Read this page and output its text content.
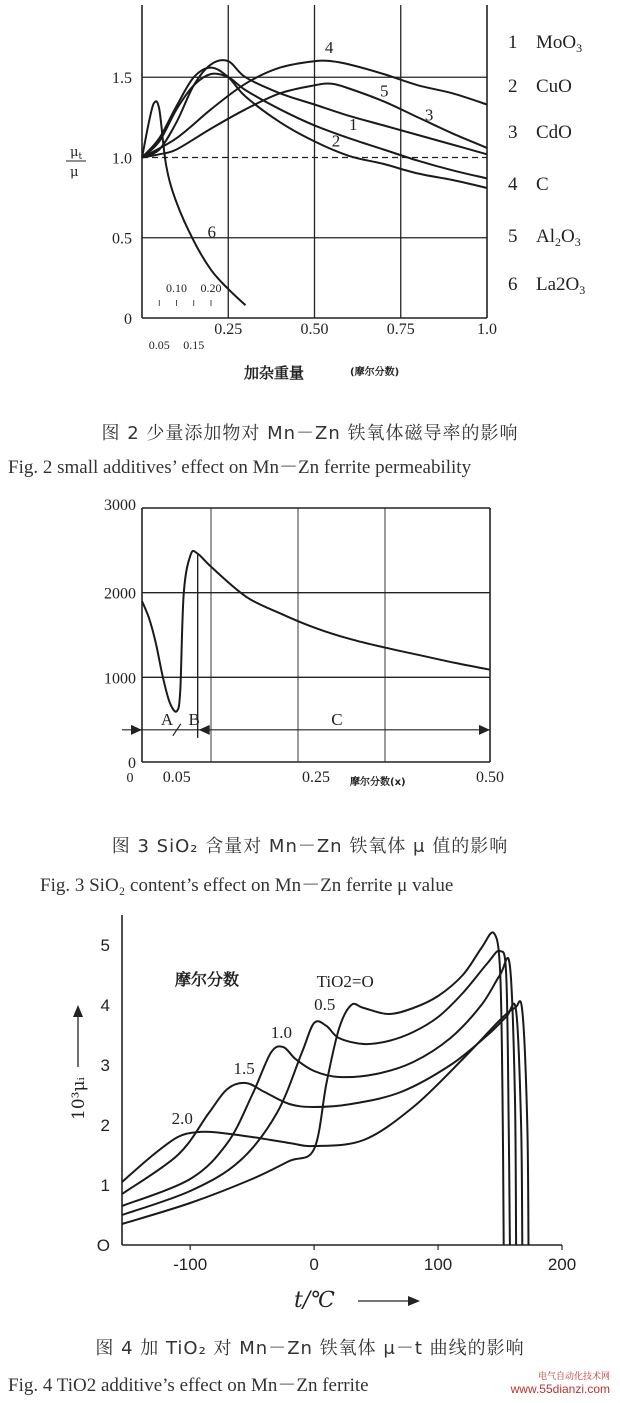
1
2
3
4
5
6
0
0.5
1.0
1.5
0.25	0.50	0.75	1.0
0.10 0.20
0.05 0.15
$\mu_t$
μ
加杂重量	(摩尔分数)
1 MoO$_3$
2 CuO
3 CdO
4 C
5 $Al_2O_3$
6 $La2O_3$
图 2 少量添加物对 Mn－Zn 铁氧体磁导率的影响
Fig. 2 small additives’ effect on Mn－Zn ferrite permeability
A B	C
0
1000
2000
3000
0 0.05	0.25	0.50
摩尔分数(x)
图 3 SiO₂ 含量对 Mn－Zn 铁氧体 μ 值的影响
Fig. 3 SiO₂ content’s effect on Mn－Zn ferrite μ value
TiO2=O
0.5
1.0
1.5
2.0
O
1
2
3
4
5
-100	0	100	200
摩尔分数
10³μᵢ
t/℃
图 4 加 TiO₂ 对 Mn－Zn 铁氧体 μ－t 曲线的影响
Fig. 4 TiO2 additive’s effect on Mn－Zn ferrite	电气自动化技术网
www.55dianzi.com
